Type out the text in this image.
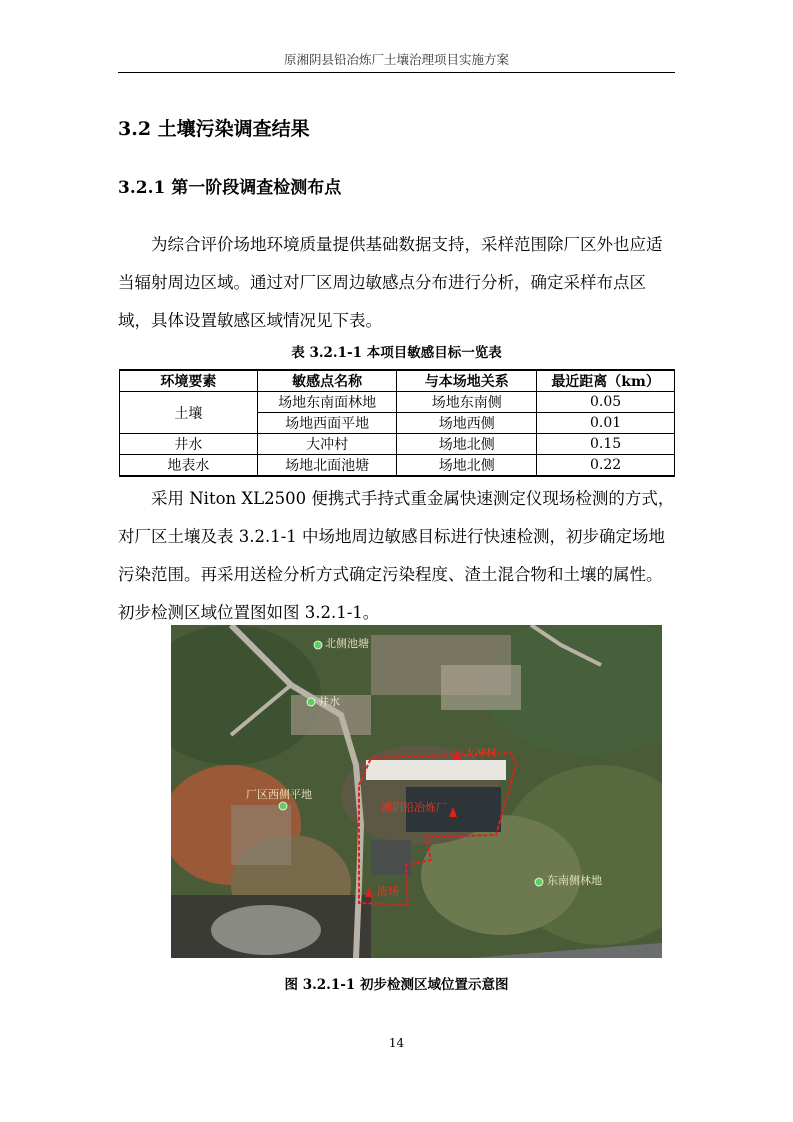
原湘阴县铅冶炼厂土壤治理项目实施方案
3.2 土壤污染调查结果
3.2.1 第一阶段调查检测布点

为综合评价场地环境质量提供基础数据支持，采样范围除厂区外也应适当辐射周边区域。通过对厂区周边敏感点分布进行分析，确定采样布点区域，具体设置敏感区域情况见下表。

表 3.2.1-1 本项目敏感目标一览表
环境要素	敏感点名称	与本场地关系	最近距离（km）
土壤	场地东南面林地	场地东南侧	0.05
	场地西面平地	场地西侧	0.01
井水	大冲村	场地北侧	0.15
地表水	场地北面池塘	场地北侧	0.22

采用 Niton XL2500 便携式手持式重金属快速测定仪现场检测的方式，对厂区土壤及表 3.2.1-1 中场地周边敏感目标进行快速检测，初步确定场地污染范围。再采用送检分析方式确定污染程度、渣土混合物和土壤的属性。初步检测区域位置图如图 3.2.1-1。

北侧池塘
井水
大冲村
厂区西侧平地
湘阴铅冶炼厂
渣场
东南侧林地
图 3.2.1-1 初步检测区域位置示意图
14
